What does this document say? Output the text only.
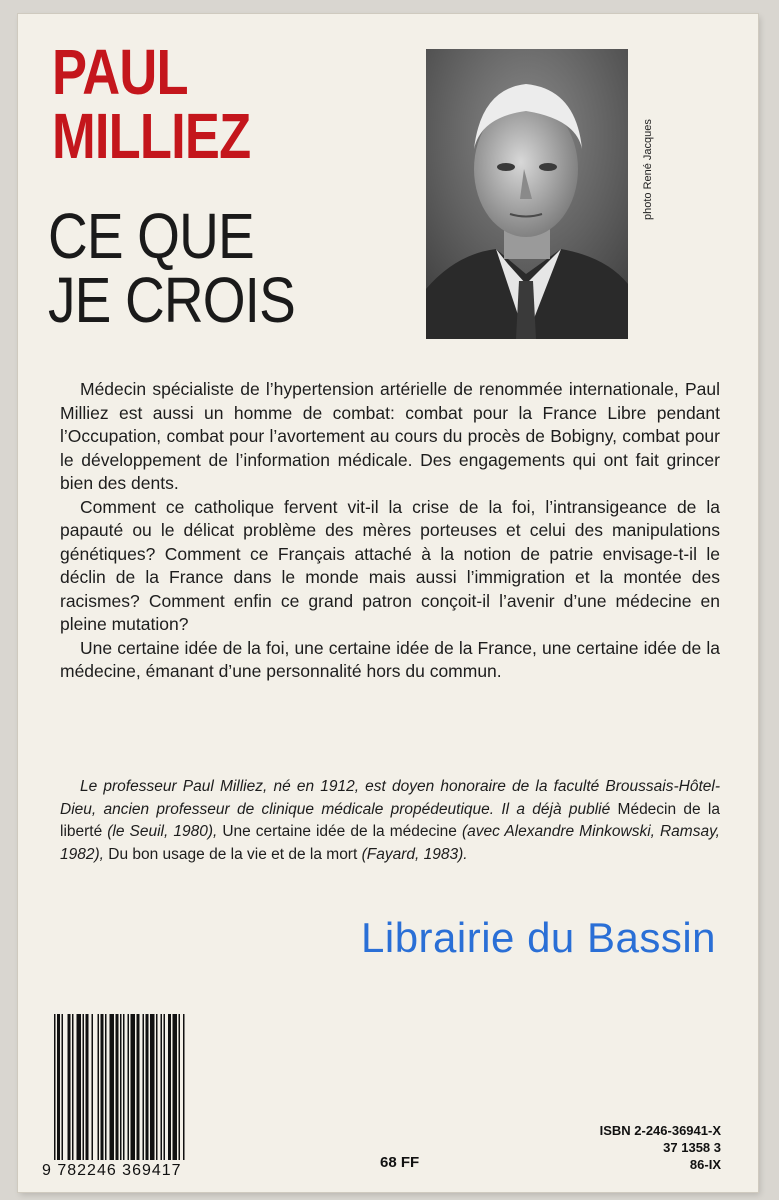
PAUL
MILLIEZ
CE QUE
JE CROIS
photo René Jacques

Médecin spécialiste de l’hypertension artérielle de renommée internationale, Paul Milliez est aussi un homme de combat: combat pour la France Libre pendant l’Occupation, combat pour l’avortement au cours du procès de Bobigny, combat pour le développement de l’information médicale. Des engagements qui ont fait grincer bien des dents.

Comment ce catholique fervent vit-il la crise de la foi, l’intransigeance de la papauté ou le délicat problème des mères porteuses et celui des manipulations génétiques? Comment ce Français attaché à la notion de patrie envisage-t-il le déclin de la France dans le monde mais aussi l’immigration et la montée des racismes? Comment enfin ce grand patron conçoit-il l’avenir d’une médecine en pleine mutation?

Une certaine idée de la foi, une certaine idée de la France, une certaine idée de la médecine, émanant d’une personnalité hors du commun.

Le professeur Paul Milliez, né en 1912, est doyen honoraire de la faculté Broussais-Hôtel-Dieu, ancien professeur de clinique médicale propédeutique. Il a déjà publié Médecin de la liberté (le Seuil, 1980), Une certaine idée de la médecine (avec Alexandre Minkowski, Ramsay, 1982), Du bon usage de la vie et de la mort (Fayard, 1983).
Librairie du Bassin
9 782246 369417	68 FF
ISBN 2-246-36941-X
37 1358 3
86-IX
